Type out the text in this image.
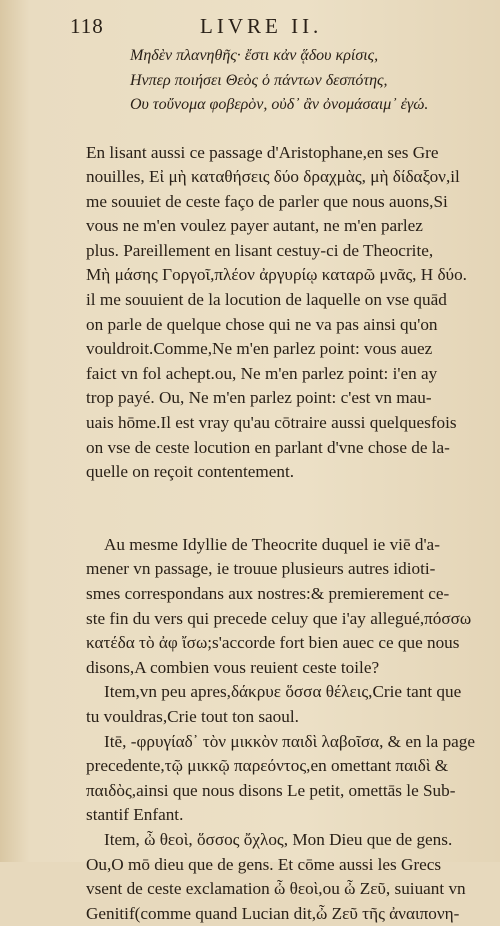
118	LIVRE II.
Μηδὲν πλανηθῆς· ἔστι κἀν ᾅδου κρίσις,
Ηνπερ ποιήσει Θεὸς ὁ πάντων δεσπότης,
Ου τοὔνομα φοβερὸν, οὐδ᾽ ἂν ὀνομάσαιμ᾽ ἐγώ.
En lisant aussi ce passage d'Aristophane,en ses Gre
nouilles, Εἰ μὴ καταθήσεις δύο δραχμὰς, μὴ δίδαξον,il
me souuiet de ceste faço de parler que nous auons,Si
vous ne m'en voulez payer autant, ne m'en parlez
plus. Pareillement en lisant cestuy-ci de Theocrite,
Μὴ μάσης Γοργοῖ,πλέον ἀργυρίῳ καταρῶ μνᾶς, Η δύο.
il me souuient de la locution de laquelle on vse quād
on parle de quelque chose qui ne va pas ainsi qu'on
vouldroit.Comme,Ne m'en parlez point: vous auez
faict vn fol achept.ou, Ne m'en parlez point: i'en ay
trop payé. Ou, Ne m'en parlez point: c'est vn mau-
uais hōme.Il est vray qu'au cōtraire aussi quelquesfois
on vse de ceste locution en parlant d'vne chose de la-
quelle on reçoit contentement.
Au mesme Idyllie de Theocrite duquel ie viē d'a-
mener vn passage, ie trouue plusieurs autres idioti-
smes correspondans aux nostres:& premierement ce-
ste fin du vers qui precede celuy que i'ay allegué,πόσσω
κατέδα τὸ ἀφ ἴσω;s'accorde fort bien auec ce que nous
disons,A combien vous reuient ceste toile?
Item,vn peu apres,δάκρυε ὅσσα θέλεις,Crie tant que
tu vouldras,Crie tout ton saoul.
Itē, -φρυγίαδ᾽ τὸν μικκὸν παιδὶ λαβοῖσα, & en la page
precedente,τῷ μικκῷ παρεόντος,en omettant παιδὶ &
παιδὸς,ainsi que nous disons Le petit, omettās le Sub-
stantif Enfant.
Item, ὦ θεοὶ, ὅσσος ὄχλος, Mon Dieu que de gens.
Ou,O mō dieu que de gens. Et cōme aussi les Grecs
vsent de ceste exclamation ὦ θεοὶ,ou ὦ Ζεῦ, suiuant vn
Genitif(comme quand Lucian dit,ὦ Ζεῦ τῆς ἀναιπονη-
